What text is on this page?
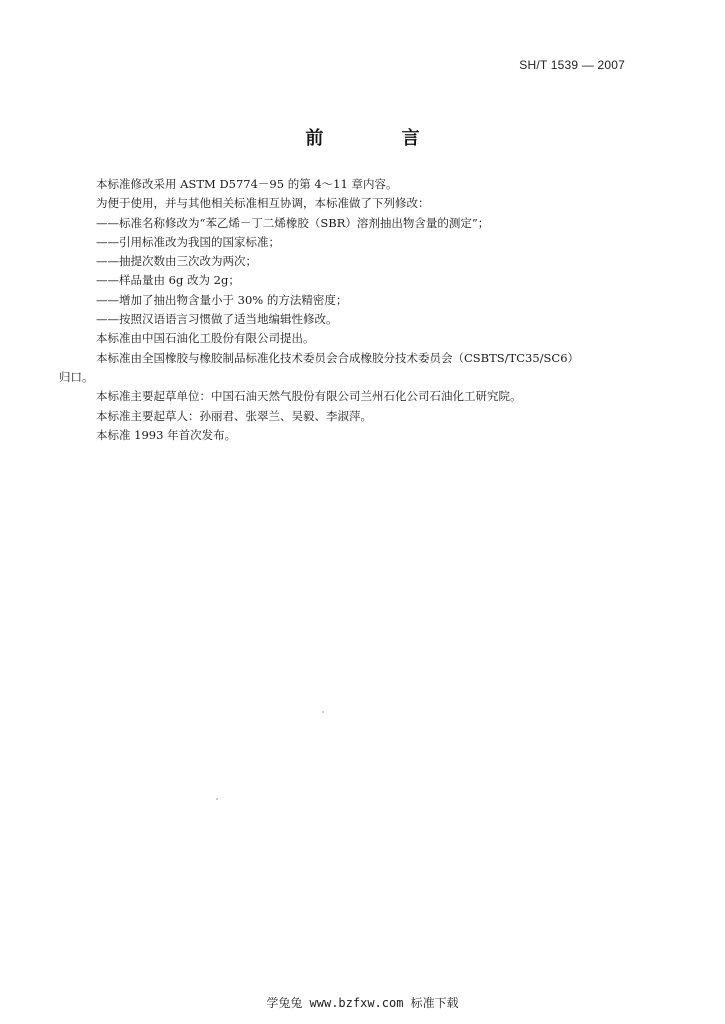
SH/T 1539 — 2007
前 言

本标准修改采用 ASTM D5774－95 的第 4～11 章内容。

为便于使用，并与其他相关标准相互协调，本标准做了下列修改：

——标准名称修改为“苯乙烯－丁二烯橡胶（SBR）溶剂抽出物含量的测定”；

——引用标准改为我国的国家标准；

——抽提次数由三次改为两次；

——样品量由 6g 改为 2g；

——增加了抽出物含量小于 30% 的方法精密度；

——按照汉语语言习惯做了适当地编辑性修改。

本标准由中国石油化工股份有限公司提出。

本标准由全国橡胶与橡胶制品标准化技术委员会合成橡胶分技术委员会（CSBTS/TC35/SC6）

归口。

本标准主要起草单位：中国石油天然气股份有限公司兰州石化公司石油化工研究院。

本标准主要起草人：孙丽君、张翠兰、吴毅、李淑萍。

本标准 1993 年首次发布。

学兔兔 www.bzfxw.com 标准下载
